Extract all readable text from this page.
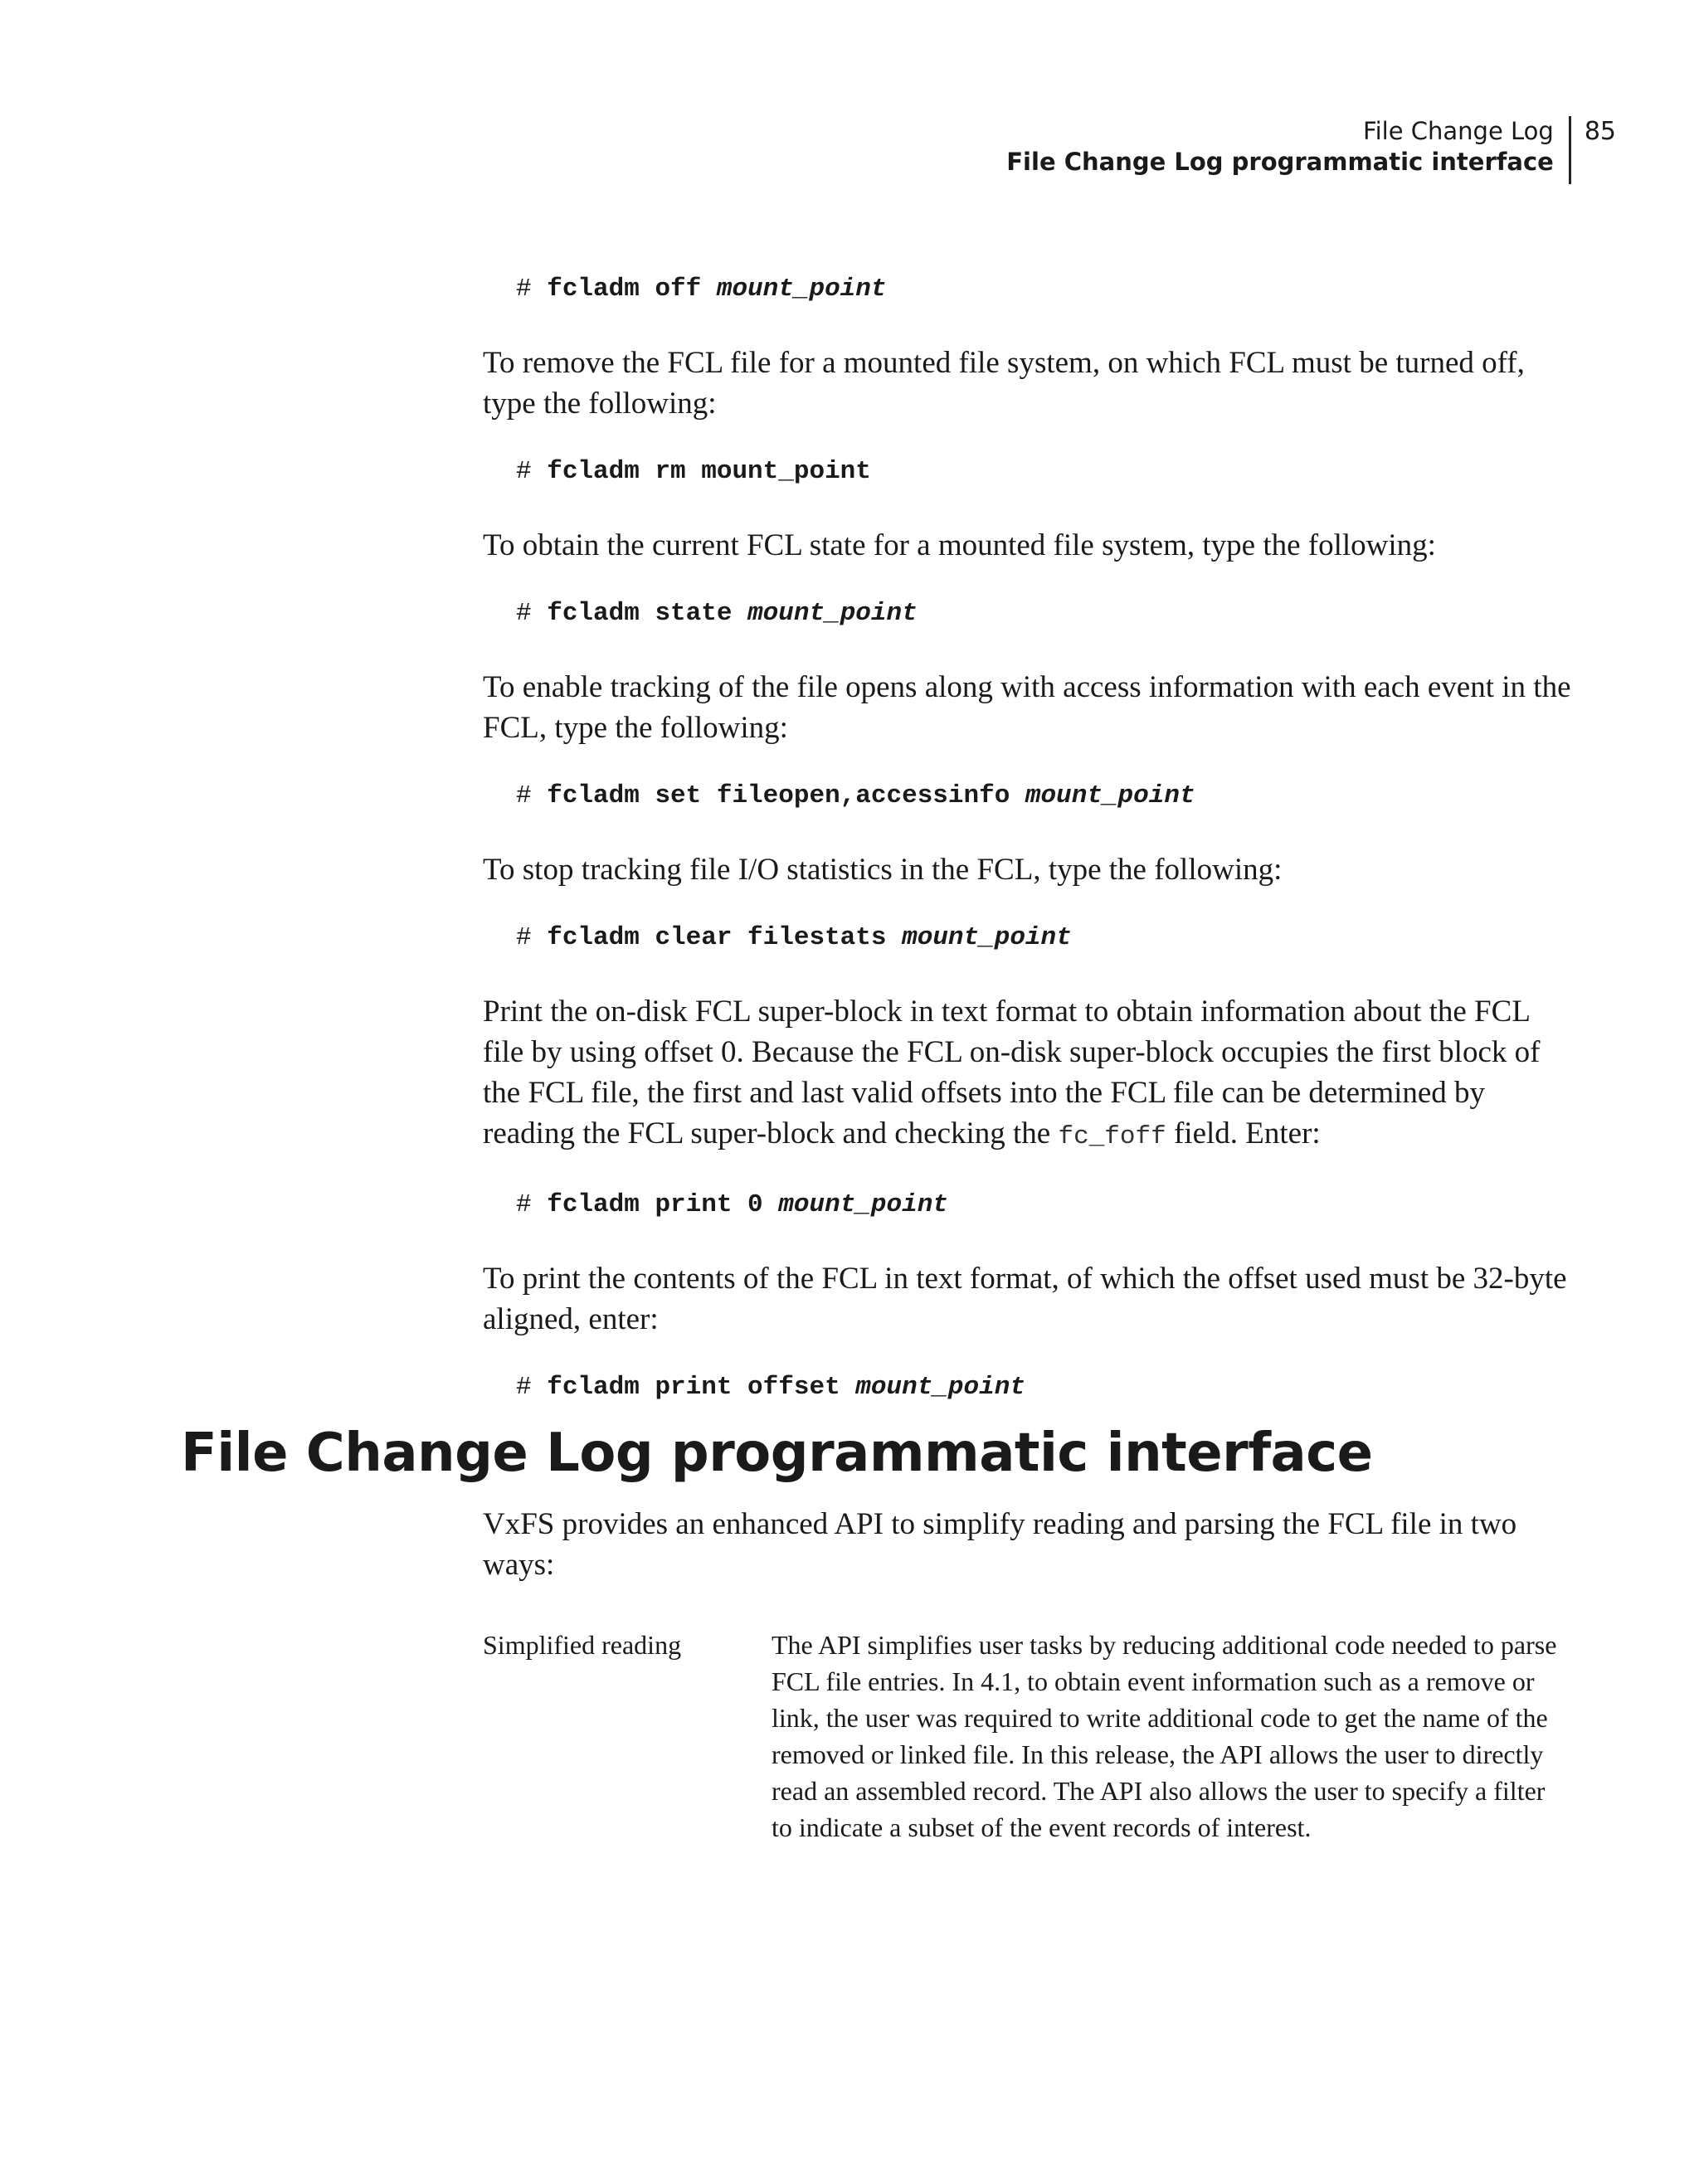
File Change Log
File Change Log programmatic interface
85
# fcladm off mount_point

To remove the FCL file for a mounted file system, on which FCL must be turned off, type the following:

# fcladm rm mount_point

To obtain the current FCL state for a mounted file system, type the following:

# fcladm state mount_point

To enable tracking of the file opens along with access information with each event in the FCL, type the following:

# fcladm set fileopen,accessinfo mount_point

To stop tracking file I/O statistics in the FCL, type the following:

# fcladm clear filestats mount_point

Print the on-disk FCL super-block in text format to obtain information about the FCL file by using offset 0. Because the FCL on-disk super-block occupies the first block of the FCL file, the first and last valid offsets into the FCL file can be determined by reading the FCL super-block and checking the fc_foff field. Enter:

# fcladm print 0 mount_point

To print the contents of the FCL in text format, of which the offset used must be 32-byte aligned, enter:

# fcladm print offset mount_point
File Change Log programmatic interface

VxFS provides an enhanced API to simplify reading and parsing the FCL file in two ways:

Simplified reading	The API simplifies user tasks by reducing additional code needed to parse FCL file entries. In 4.1, to obtain event information such as a remove or link, the user was required to write additional code to get the name of the removed or linked file. In this release, the API allows the user to directly read an assembled record. The API also allows the user to specify a filter to indicate a subset of the event records of interest.
